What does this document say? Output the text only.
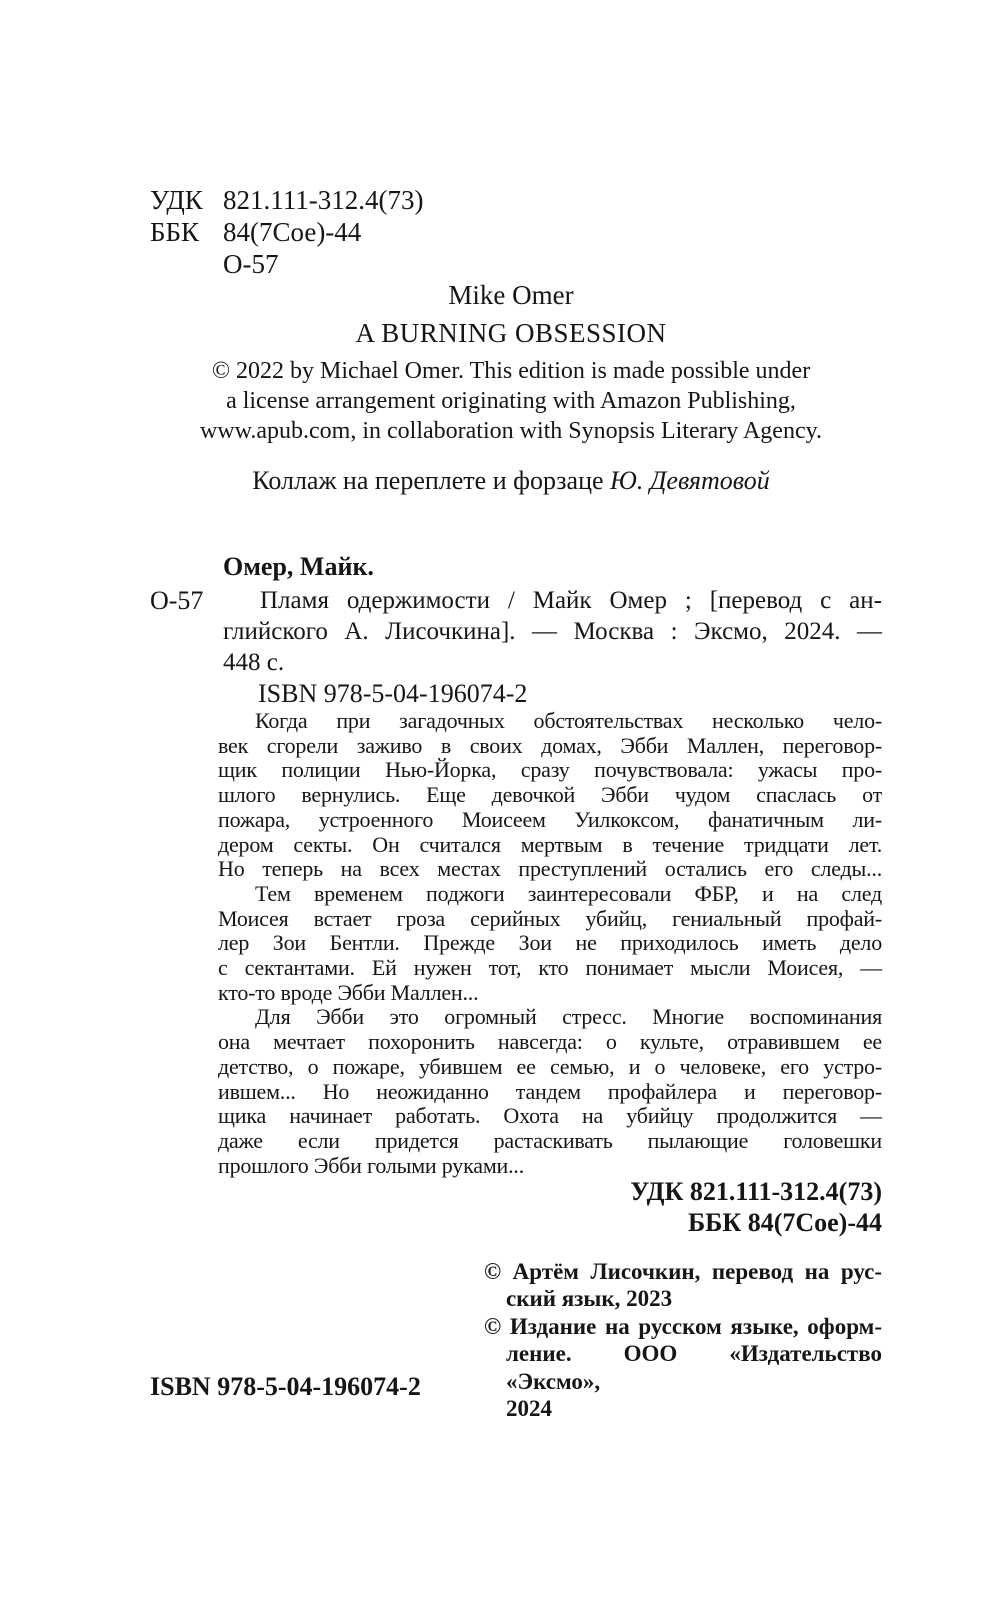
УДК 821.111-312.4(73)
ББК 84(7Сое)-44
О-57
Mike Omer
A BURNING OBSESSION
© 2022 by Michael Omer. This edition is made possible under
a license arrangement originating with Amazon Publishing,
www.apub.com, in collaboration with Synopsis Literary Agency.
Коллаж на переплете и форзаце Ю. Девятовой
Омер, Майк.
О-57	Пламя одержимости / Майк Омер ; [перевод с ан-
глийского А. Лисочкина]. — Москва : Эксмо, 2024. —
448 с.
ISBN 978-5-04-196074-2
Когда при загадочных обстоятельствах несколько чело-
век сгорели заживо в своих домах, Эбби Маллен, переговор-
щик полиции Нью-Йорка, сразу почувствовала: ужасы про-
шлого вернулись. Еще девочкой Эбби чудом спаслась от
пожара, устроенного Моисеем Уилкоксом, фанатичным ли-
дером секты. Он считался мертвым в течение тридцати лет.
Но теперь на всех местах преступлений остались его следы...
Тем временем поджоги заинтересовали ФБР, и на след
Моисея встает гроза серийных убийц, гениальный профай-
лер Зои Бентли. Прежде Зои не приходилось иметь дело
с сектантами. Ей нужен тот, кто понимает мысли Моисея, —
кто-то вроде Эбби Маллен...
Для Эбби это огромный стресс. Многие воспоминания
она мечтает похоронить навсегда: о культе, отравившем ее
детство, о пожаре, убившем ее семью, и о человеке, его устро-
ившем... Но неожиданно тандем профайлера и переговор-
щика начинает работать. Охота на убийцу продолжится —
даже если придется растаскивать пылающие головешки
прошлого Эбби голыми руками...
УДК 821.111-312.4(73)
ББК 84(7Сое)-44
© Артём Лисочкин, перевод на рус-
ский язык, 2023
© Издание на русском языке, оформ-
ление. ООО «Издательство «Эксмо»,
2024
ISBN 978-5-04-196074-2
